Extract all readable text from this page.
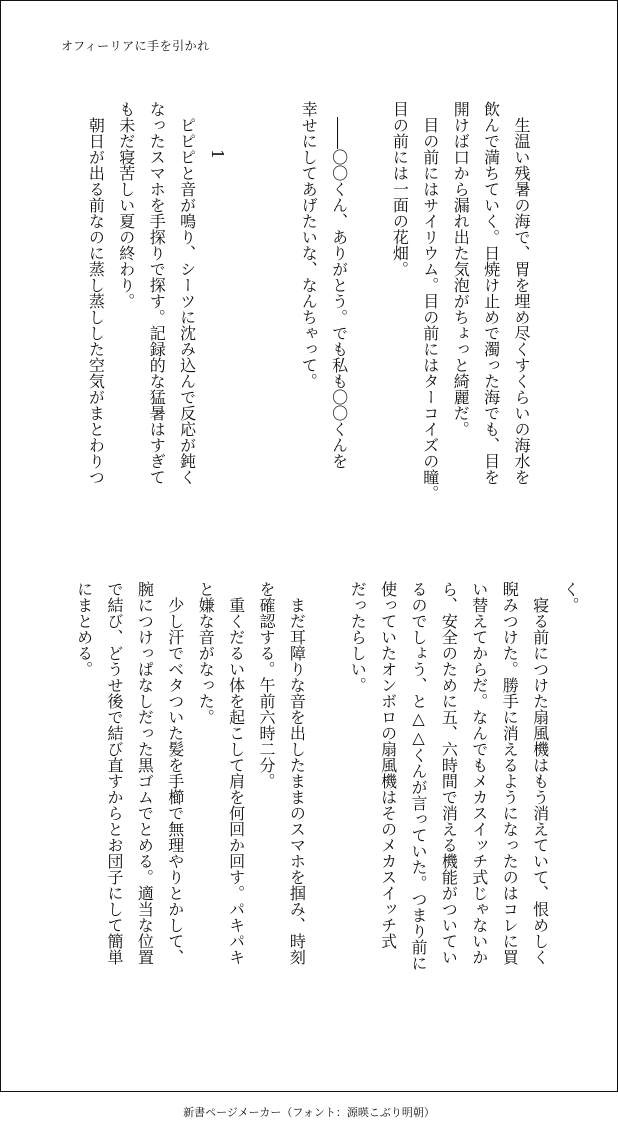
オフィーリアに手を引かれ
　生温い残暑の海で、胃を埋め尽くすくらいの海水を
飲んで満ちていく。日焼け止めで濁った海でも、目を
開けば口から漏れ出た気泡がちょっと綺麗だ。
　目の前にはサイリウム。目の前にはターコイズの瞳。
目の前には一面の花畑。
　――〇〇くん、ありがとう。でも私も〇〇くんを
幸せにしてあげたいな、なんちゃって。
　　　1
　ピピピと音が鳴り、シーツに沈み込んで反応が鈍く
なったスマホを手探りで探す。記録的な猛暑はすぎて
も未だ寝苦しい夏の終わり。
　朝日が出る前なのに蒸し蒸しした空気がまとわりつ
く。
　寝る前につけた扇風機はもう消えていて、恨めしく
睨みつけた。勝手に消えるようになったのはコレに買
い替えてからだ。なんでもメカスイッチ式じゃないか
ら、安全のために五、六時間で消える機能がついてい
るのでしょう、と△△くんが言っていた。つまり前に
使っていたオンボロの扇風機はそのメカスイッチ式
だったらしい。
　まだ耳障りな音を出したままのスマホを掴み、時刻
を確認する。午前六時二分。
　重くだるい体を起こして肩を何回か回す。パキパキ
と嫌な音がなった。
　少し汗でベタついた髪を手櫛で無理やりとかして、
腕につけっぱなしだった黒ゴムでとめる。適当な位置
で結び、どうせ後で結び直すからとお団子にして簡単
にまとめる。
新書ページメーカー（フォント：源暎こぶり明朝）
